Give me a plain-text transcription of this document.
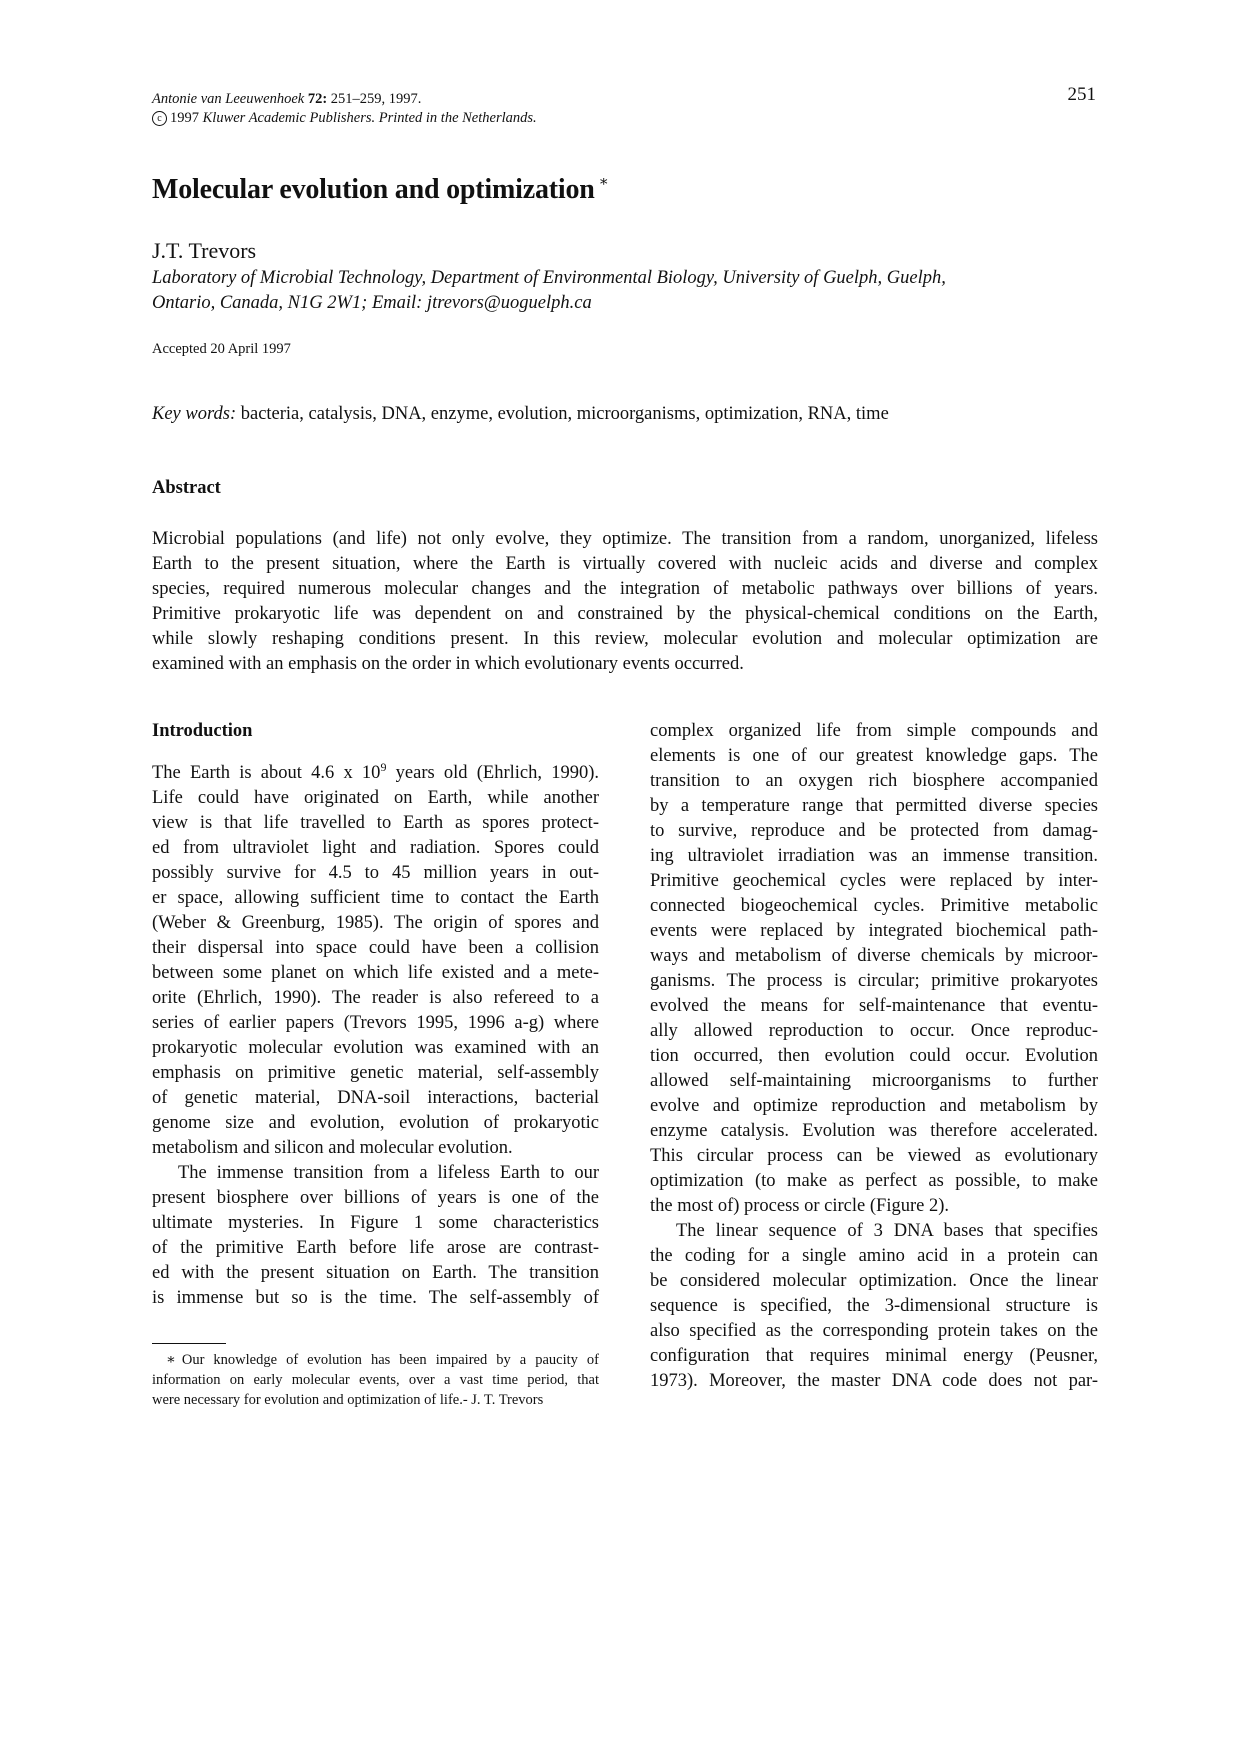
Antonie van Leeuwenhoek 72: 251–259, 1997.
c 1997 Kluwer Academic Publishers. Printed in the Netherlands.
251
Molecular evolution and optimization ∗
J.T. Trevors
Laboratory of Microbial Technology, Department of Environmental Biology, University of Guelph, Guelph,
Ontario, Canada, N1G 2W1; Email: jtrevors@uoguelph.ca
Accepted 20 April 1997
Key words: bacteria, catalysis, DNA, enzyme, evolution, microorganisms, optimization, RNA, time
Abstract
Microbial populations (and life) not only evolve, they optimize. The transition from a random, unorganized, lifeless
Earth to the present situation, where the Earth is virtually covered with nucleic acids and diverse and complex
species, required numerous molecular changes and the integration of metabolic pathways over billions of years.
Primitive prokaryotic life was dependent on and constrained by the physical-chemical conditions on the Earth,
while slowly reshaping conditions present. In this review, molecular evolution and molecular optimization are
examined with an emphasis on the order in which evolutionary events occurred.
Introduction
The Earth is about 4.6 x $10^9$ years old (Ehrlich, 1990).
Life could have originated on Earth, while another
view is that life travelled to Earth as spores protect-
ed from ultraviolet light and radiation. Spores could
possibly survive for 4.5 to 45 million years in out-
er space, allowing sufficient time to contact the Earth
(Weber & Greenburg, 1985). The origin of spores and
their dispersal into space could have been a collision
between some planet on which life existed and a mete-
orite (Ehrlich, 1990). The reader is also refereed to a
series of earlier papers (Trevors 1995, 1996 a-g) where
prokaryotic molecular evolution was examined with an
emphasis on primitive genetic material, self-assembly
of genetic material, DNA-soil interactions, bacterial
genome size and evolution, evolution of prokaryotic
metabolism and silicon and molecular evolution.
The immense transition from a lifeless Earth to our
present biosphere over billions of years is one of the
ultimate mysteries. In Figure 1 some characteristics
of the primitive Earth before life arose are contrast-
ed with the present situation on Earth. The transition
is immense but so is the time. The self-assembly of
∗ Our knowledge of evolution has been impaired by a paucity of
information on early molecular events, over a vast time period, that
were necessary for evolution and optimization of life.- J. T. Trevors
complex organized life from simple compounds and
elements is one of our greatest knowledge gaps. The
transition to an oxygen rich biosphere accompanied
by a temperature range that permitted diverse species
to survive, reproduce and be protected from damag-
ing ultraviolet irradiation was an immense transition.
Primitive geochemical cycles were replaced by inter-
connected biogeochemical cycles. Primitive metabolic
events were replaced by integrated biochemical path-
ways and metabolism of diverse chemicals by microor-
ganisms. The process is circular; primitive prokaryotes
evolved the means for self-maintenance that eventu-
ally allowed reproduction to occur. Once reproduc-
tion occurred, then evolution could occur. Evolution
allowed self-maintaining microorganisms to further
evolve and optimize reproduction and metabolism by
enzyme catalysis. Evolution was therefore accelerated.
This circular process can be viewed as evolutionary
optimization (to make as perfect as possible, to make
the most of) process or circle (Figure 2).
The linear sequence of 3 DNA bases that specifies
the coding for a single amino acid in a protein can
be considered molecular optimization. Once the linear
sequence is specified, the 3-dimensional structure is
also specified as the corresponding protein takes on the
configuration that requires minimal energy (Peusner,
1973). Moreover, the master DNA code does not par-
